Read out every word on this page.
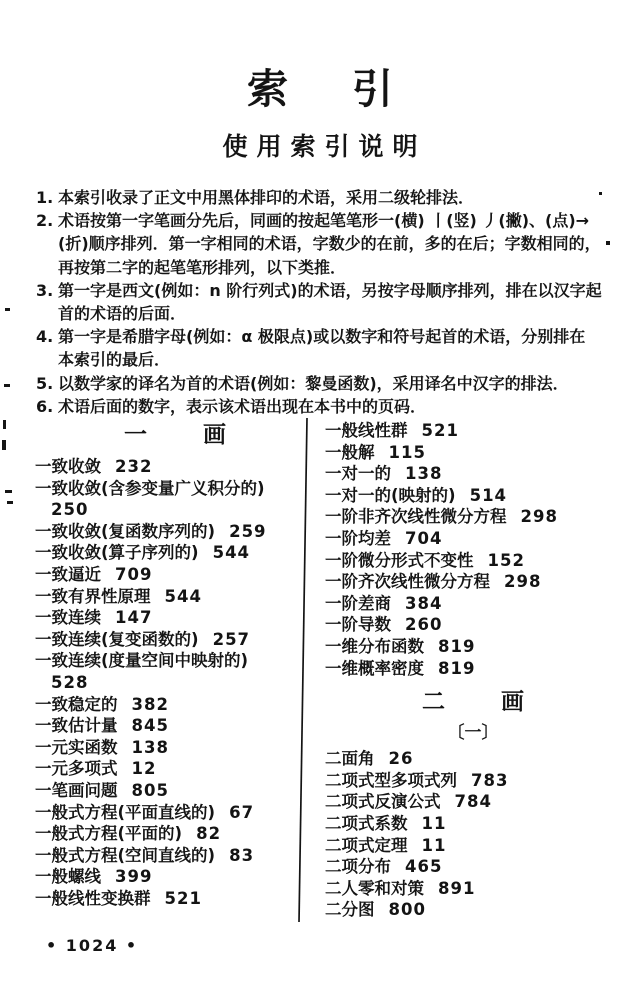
索 引
使用索引说明
1. 本索引收录了正文中用黑体排印的术语，采用二级轮排法．
2. 术语按第一字笔画分先后，同画的按起笔笔形一(横) 丨(竖) 丿(撇)、(点)→
(折)顺序排列．第一字相同的术语，字数少的在前，多的在后；字数相同的，
再按第二字的起笔笔形排列，以下类推．
3. 第一字是西文(例如：n 阶行列式)的术语，另按字母顺序排列，排在以汉字起
首的术语的后面．
4. 第一字是希腊字母(例如：α 极限点)或以数字和符号起首的术语，分别排在
本索引的最后．
5. 以数学家的译名为首的术语(例如：黎曼函数)，采用译名中汉字的排法．
6. 术语后面的数字，表示该术语出现在本书中的页码．
一 画
一致收敛 232
一致收敛(含参变量广义积分的)
250
一致收敛(复函数序列的) 259
一致收敛(算子序列的) 544
一致逼近 709
一致有界性原理 544
一致连续 147
一致连续(复变函数的) 257
一致连续(度量空间中映射的)
528
一致稳定的 382
一致估计量 845
一元实函数 138
一元多项式 12
一笔画问题 805
一般式方程(平面直线的) 67
一般式方程(平面的) 82
一般式方程(空间直线的) 83
一般螺线 399
一般线性变换群 521
一般线性群 521
一般解 115
一对一的 138
一对一的(映射的) 514
一阶非齐次线性微分方程 298
一阶均差 704
一阶微分形式不变性 152
一阶齐次线性微分方程 298
一阶差商 384
一阶导数 260
一维分布函数 819
一维概率密度 819
二 画
〔一〕
二面角 26
二项式型多项式列 783
二项式反演公式 784
二项式系数 11
二项式定理 11
二项分布 465
二人零和对策 891
二分图 800
• 1024 •
